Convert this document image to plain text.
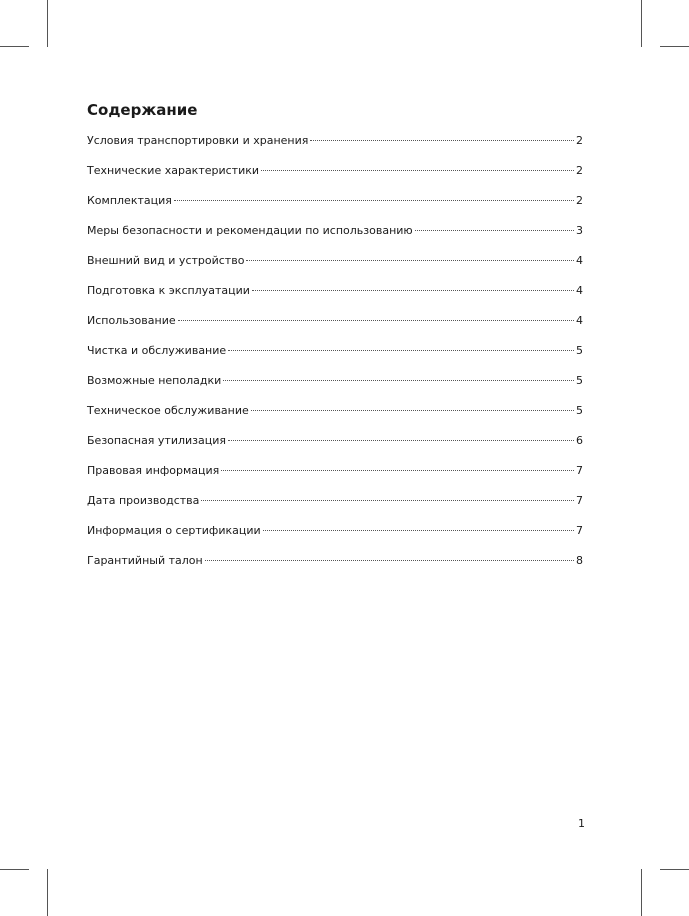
Содержание
Условия транспортировки и хранения	2
Технические характеристики	2
Комплектация	2
Меры безопасности и рекомендации по использованию	3
Внешний вид и устройство	4
Подготовка к эксплуатации	4
Использование	4
Чистка и обслуживание	5
Возможные неполадки	5
Техническое обслуживание	5
Безопасная утилизация	6
Правовая информация	7
Дата производства	7
Информация о сертификации	7
Гарантийный талон	8
1
